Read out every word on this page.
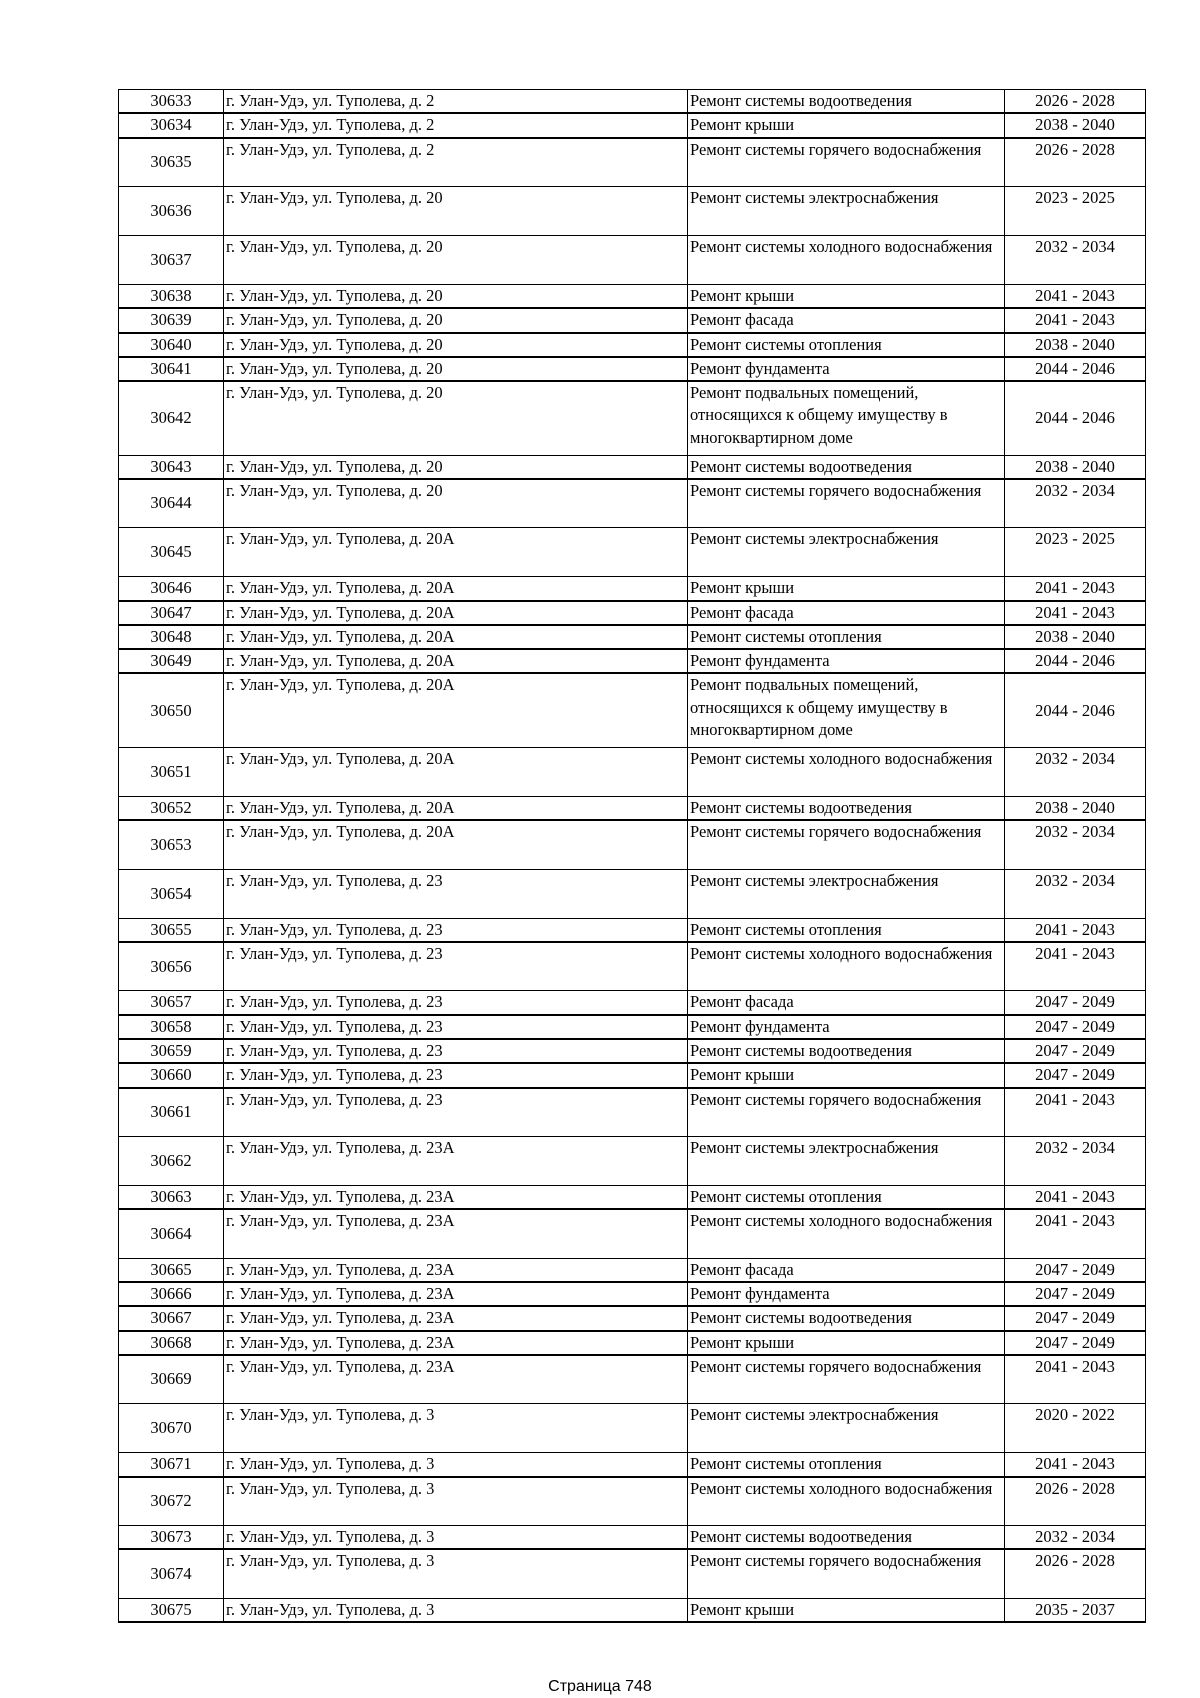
30633	г. Улан-Удэ, ул. Туполева, д. 2	Ремонт системы водоотведения	2026 - 2028
30634	г. Улан-Удэ, ул. Туполева, д. 2	Ремонт крыши	2038 - 2040
30635	г. Улан-Удэ, ул. Туполева, д. 2	Ремонт системы горячего водоснабжения	2026 - 2028
30636	г. Улан-Удэ, ул. Туполева, д. 20	Ремонт системы электроснабжения	2023 - 2025
30637	г. Улан-Удэ, ул. Туполева, д. 20	Ремонт системы холодного водоснабжения	2032 - 2034
30638	г. Улан-Удэ, ул. Туполева, д. 20	Ремонт крыши	2041 - 2043
30639	г. Улан-Удэ, ул. Туполева, д. 20	Ремонт фасада	2041 - 2043
30640	г. Улан-Удэ, ул. Туполева, д. 20	Ремонт системы отопления	2038 - 2040
30641	г. Улан-Удэ, ул. Туполева, д. 20	Ремонт фундамента	2044 - 2046
30642	г. Улан-Удэ, ул. Туполева, д. 20	Ремонт подвальных помещений, относящихся к общему имуществу в многоквартирном доме	2044 - 2046
30643	г. Улан-Удэ, ул. Туполева, д. 20	Ремонт системы водоотведения	2038 - 2040
30644	г. Улан-Удэ, ул. Туполева, д. 20	Ремонт системы горячего водоснабжения	2032 - 2034
30645	г. Улан-Удэ, ул. Туполева, д. 20А	Ремонт системы электроснабжения	2023 - 2025
30646	г. Улан-Удэ, ул. Туполева, д. 20А	Ремонт крыши	2041 - 2043
30647	г. Улан-Удэ, ул. Туполева, д. 20А	Ремонт фасада	2041 - 2043
30648	г. Улан-Удэ, ул. Туполева, д. 20А	Ремонт системы отопления	2038 - 2040
30649	г. Улан-Удэ, ул. Туполева, д. 20А	Ремонт фундамента	2044 - 2046
30650	г. Улан-Удэ, ул. Туполева, д. 20А	Ремонт подвальных помещений, относящихся к общему имуществу в многоквартирном доме	2044 - 2046
30651	г. Улан-Удэ, ул. Туполева, д. 20А	Ремонт системы холодного водоснабжения	2032 - 2034
30652	г. Улан-Удэ, ул. Туполева, д. 20А	Ремонт системы водоотведения	2038 - 2040
30653	г. Улан-Удэ, ул. Туполева, д. 20А	Ремонт системы горячего водоснабжения	2032 - 2034
30654	г. Улан-Удэ, ул. Туполева, д. 23	Ремонт системы электроснабжения	2032 - 2034
30655	г. Улан-Удэ, ул. Туполева, д. 23	Ремонт системы отопления	2041 - 2043
30656	г. Улан-Удэ, ул. Туполева, д. 23	Ремонт системы холодного водоснабжения	2041 - 2043
30657	г. Улан-Удэ, ул. Туполева, д. 23	Ремонт фасада	2047 - 2049
30658	г. Улан-Удэ, ул. Туполева, д. 23	Ремонт фундамента	2047 - 2049
30659	г. Улан-Удэ, ул. Туполева, д. 23	Ремонт системы водоотведения	2047 - 2049
30660	г. Улан-Удэ, ул. Туполева, д. 23	Ремонт крыши	2047 - 2049
30661	г. Улан-Удэ, ул. Туполева, д. 23	Ремонт системы горячего водоснабжения	2041 - 2043
30662	г. Улан-Удэ, ул. Туполева, д. 23А	Ремонт системы электроснабжения	2032 - 2034
30663	г. Улан-Удэ, ул. Туполева, д. 23А	Ремонт системы отопления	2041 - 2043
30664	г. Улан-Удэ, ул. Туполева, д. 23А	Ремонт системы холодного водоснабжения	2041 - 2043
30665	г. Улан-Удэ, ул. Туполева, д. 23А	Ремонт фасада	2047 - 2049
30666	г. Улан-Удэ, ул. Туполева, д. 23А	Ремонт фундамента	2047 - 2049
30667	г. Улан-Удэ, ул. Туполева, д. 23А	Ремонт системы водоотведения	2047 - 2049
30668	г. Улан-Удэ, ул. Туполева, д. 23А	Ремонт крыши	2047 - 2049
30669	г. Улан-Удэ, ул. Туполева, д. 23А	Ремонт системы горячего водоснабжения	2041 - 2043
30670	г. Улан-Удэ, ул. Туполева, д. 3	Ремонт системы электроснабжения	2020 - 2022
30671	г. Улан-Удэ, ул. Туполева, д. 3	Ремонт системы отопления	2041 - 2043
30672	г. Улан-Удэ, ул. Туполева, д. 3	Ремонт системы холодного водоснабжения	2026 - 2028
30673	г. Улан-Удэ, ул. Туполева, д. 3	Ремонт системы водоотведения	2032 - 2034
30674	г. Улан-Удэ, ул. Туполева, д. 3	Ремонт системы горячего водоснабжения	2026 - 2028
30675	г. Улан-Удэ, ул. Туполева, д. 3	Ремонт крыши	2035 - 2037
Страница 748
